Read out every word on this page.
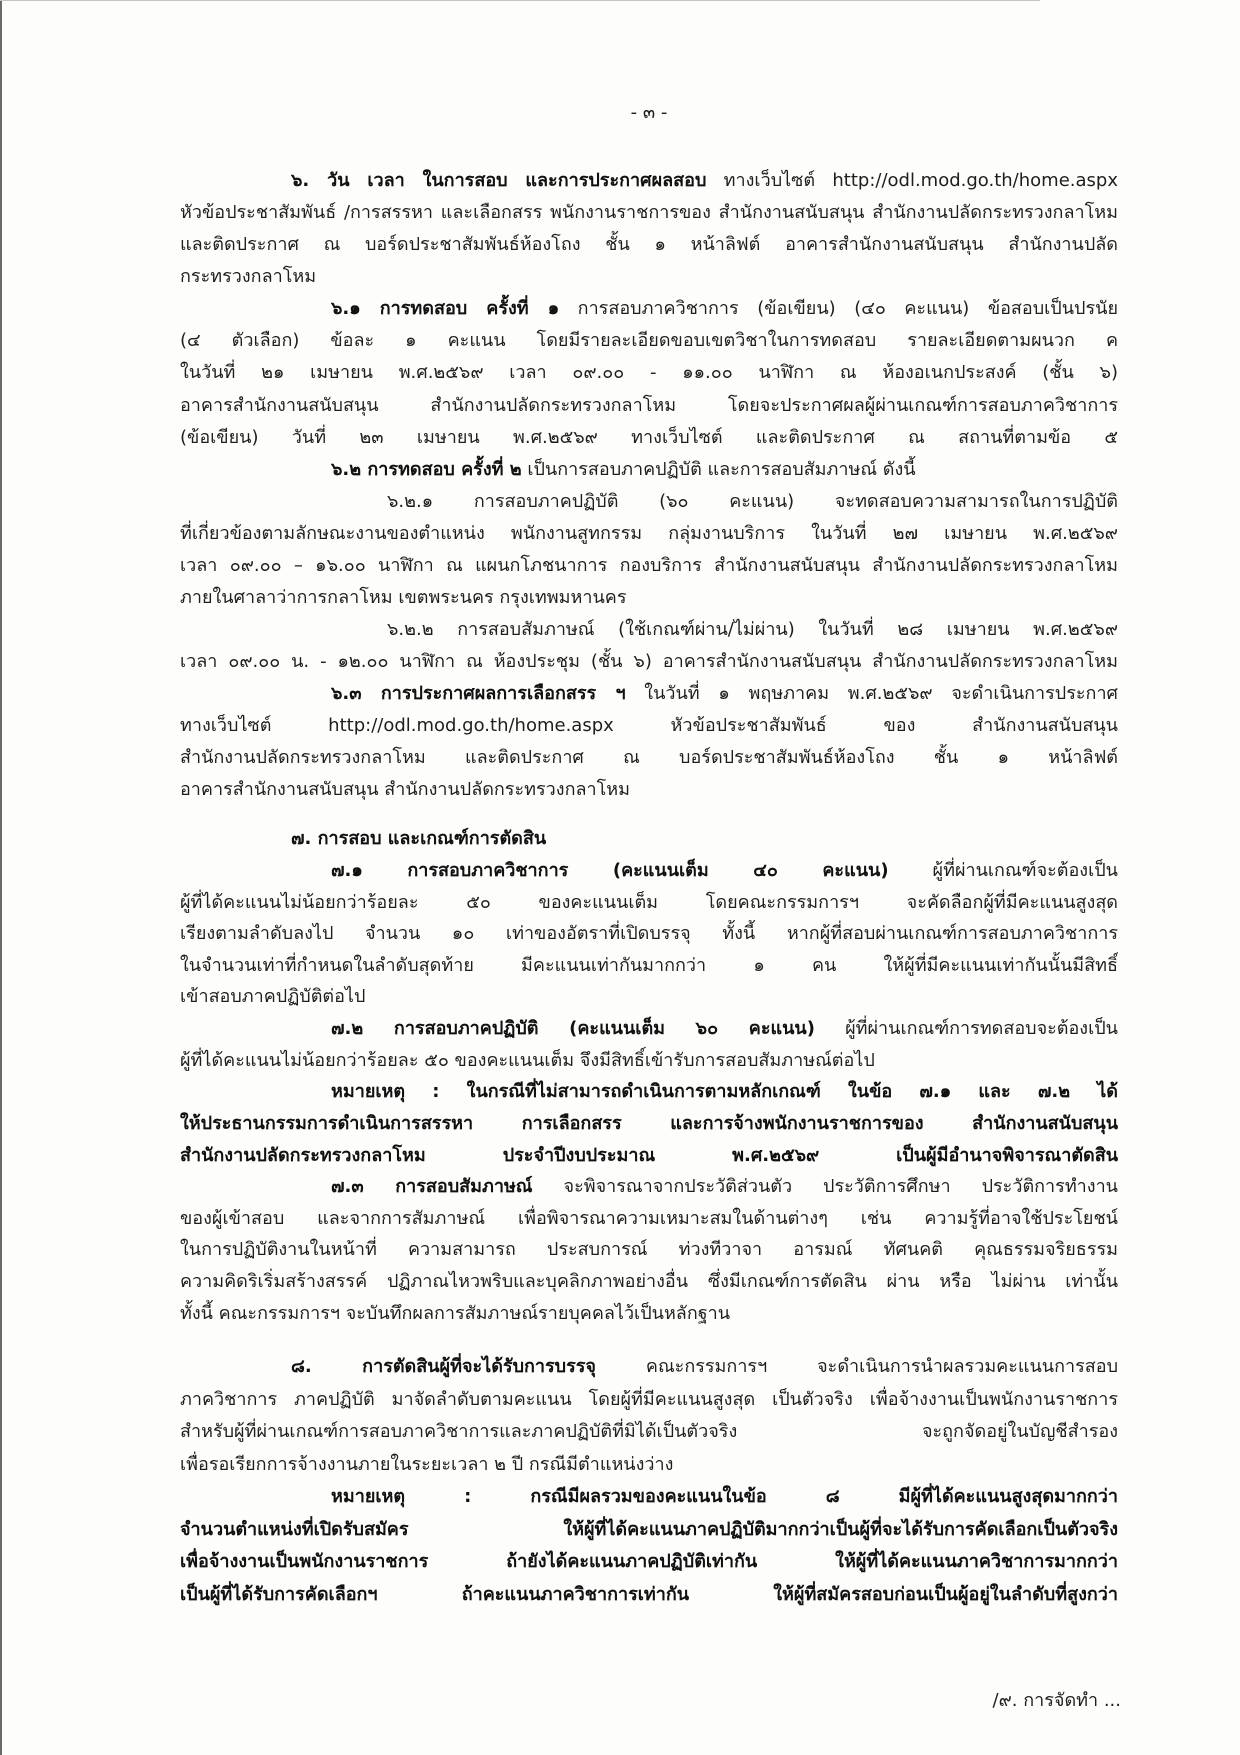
- ๓ -
๖. วัน เวลา ในการสอบ และการประกาศผลสอบ ทางเว็บไซต์ http://odl.mod.go.th/home.aspx
หัวข้อประชาสัมพันธ์ /การสรรหา และเลือกสรร พนักงานราชการของ สำนักงานสนับสนุน สำนักงานปลัดกระทรวงกลาโหม
และติดประกาศ ณ บอร์ดประชาสัมพันธ์ห้องโถง ชั้น ๑ หน้าลิฟต์ อาคารสำนักงานสนับสนุน สำนักงานปลัด
กระทรวงกลาโหม
๖.๑ การทดสอบ ครั้งที่ ๑ การสอบภาควิชาการ (ข้อเขียน) (๔๐ คะแนน) ข้อสอบเป็นปรนัย
(๔ ตัวเลือก) ข้อละ ๑ คะแนน โดยมีรายละเอียดขอบเขตวิชาในการทดสอบ รายละเอียดตามผนวก ค
ในวันที่ ๒๑ เมษายน พ.ศ.๒๕๖๙ เวลา ๐๙.๐๐ - ๑๑.๐๐ นาฬิกา ณ ห้องอเนกประสงค์ (ชั้น ๖)
อาคารสำนักงานสนับสนุน สำนักงานปลัดกระทรวงกลาโหม โดยจะประกาศผลผู้ผ่านเกณฑ์การสอบภาควิชาการ
(ข้อเขียน) วันที่ ๒๓ เมษายน พ.ศ.๒๕๖๙ ทางเว็บไซต์ และติดประกาศ ณ สถานที่ตามข้อ ๕
๖.๒ การทดสอบ ครั้งที่ ๒ เป็นการสอบภาคปฏิบัติ และการสอบสัมภาษณ์ ดังนี้
๖.๒.๑ การสอบภาคปฏิบัติ (๖๐ คะแนน) จะทดสอบความสามารถในการปฏิบัติ
ที่เกี่ยวข้องตามลักษณะงานของตำแหน่ง พนักงานสูทกรรม กลุ่มงานบริการ ในวันที่ ๒๗ เมษายน พ.ศ.๒๕๖๙
เวลา ๐๙.๐๐ – ๑๖.๐๐ นาฬิกา ณ แผนกโภชนาการ กองบริการ สำนักงานสนับสนุน สำนักงานปลัดกระทรวงกลาโหม
ภายในศาลาว่าการกลาโหม เขตพระนคร กรุงเทพมหานคร
๖.๒.๒ การสอบสัมภาษณ์ (ใช้เกณฑ์ผ่าน/ไม่ผ่าน) ในวันที่ ๒๘ เมษายน พ.ศ.๒๕๖๙
เวลา ๐๙.๐๐ น. - ๑๒.๐๐ นาฬิกา ณ ห้องประชุม (ชั้น ๖) อาคารสำนักงานสนับสนุน สำนักงานปลัดกระทรวงกลาโหม
๖.๓ การประกาศผลการเลือกสรร ฯ ในวันที่ ๑ พฤษภาคม พ.ศ.๒๕๖๙ จะดำเนินการประกาศ
ทางเว็บไซต์ http://odl.mod.go.th/home.aspx หัวข้อประชาสัมพันธ์ ของ สำนักงานสนับสนุน
สำนักงานปลัดกระทรวงกลาโหม และติดประกาศ ณ บอร์ดประชาสัมพันธ์ห้องโถง ชั้น ๑ หน้าลิฟต์
อาคารสำนักงานสนับสนุน สำนักงานปลัดกระทรวงกลาโหม
๗. การสอบ และเกณฑ์การตัดสิน
๗.๑ การสอบภาควิชาการ (คะแนนเต็ม ๔๐ คะแนน) ผู้ที่ผ่านเกณฑ์จะต้องเป็น
ผู้ที่ได้คะแนนไม่น้อยกว่าร้อยละ ๕๐ ของคะแนนเต็ม โดยคณะกรรมการฯ จะคัดลือกผู้ที่มีคะแนนสูงสุด
เรียงตามลำดับลงไป จำนวน ๑๐ เท่าของอัตราที่เปิดบรรจุ ทั้งนี้ หากผู้ที่สอบผ่านเกณฑ์การสอบภาควิชาการ
ในจำนวนเท่าที่กำหนดในลำดับสุดท้าย มีคะแนนเท่ากันมากกว่า ๑ คน ให้ผู้ที่มีคะแนนเท่ากันนั้นมีสิทธิ์
เข้าสอบภาคปฏิบัติต่อไป
๗.๒ การสอบภาคปฏิบัติ (คะแนนเต็ม ๖๐ คะแนน) ผู้ที่ผ่านเกณฑ์การทดสอบจะต้องเป็น
ผู้ที่ได้คะแนนไม่น้อยกว่าร้อยละ ๕๐ ของคะแนนเต็ม จึงมีสิทธิ์เข้ารับการสอบสัมภาษณ์ต่อไป
หมายเหตุ : ในกรณีที่ไม่สามารถดำเนินการตามหลักเกณฑ์ ในข้อ ๗.๑ และ ๗.๒ ได้
ให้ประธานกรรมการดำเนินการสรรหา การเลือกสรร และการจ้างพนักงานราชการของ สำนักงานสนับสนุน
สำนักงานปลัดกระทรวงกลาโหม ประจำปีงบประมาณ พ.ศ.๒๕๖๙ เป็นผู้มีอำนาจพิจารณาตัดสิน
๗.๓ การสอบสัมภาษณ์ จะพิจารณาจากประวัติส่วนตัว ประวัติการศึกษา ประวัติการทำงาน
ของผู้เข้าสอบ และจากการสัมภาษณ์ เพื่อพิจารณาความเหมาะสมในด้านต่างๆ เช่น ความรู้ที่อาจใช้ประโยชน์
ในการปฏิบัติงานในหน้าที่ ความสามารถ ประสบการณ์ ท่วงทีวาจา อารมณ์ ทัศนคติ คุณธรรมจริยธรรม
ความคิดริเริ่มสร้างสรรค์ ปฏิภาณไหวพริบและบุคลิกภาพอย่างอื่น ซึ่งมีเกณฑ์การตัดสิน ผ่าน หรือ ไม่ผ่าน เท่านั้น
ทั้งนี้ คณะกรรมการฯ จะบันทึกผลการสัมภาษณ์รายบุคคลไว้เป็นหลักฐาน
๘. การตัดสินผู้ที่จะได้รับการบรรจุ	คณะกรรมการฯ จะดำเนินการนำผลรวมคะแนนการสอบ
ภาควิชาการ ภาคปฏิบัติ มาจัดลำดับตามคะแนน โดยผู้ที่มีคะแนนสูงสุด เป็นตัวจริง เพื่อจ้างงานเป็นพนักงานราชการ
สำหรับผู้ที่ผ่านเกณฑ์การสอบภาควิชาการและภาคปฏิบัติที่มิได้เป็นตัวจริง จะถูกจัดอยู่ในบัญชีสำรอง
เพื่อรอเรียกการจ้างงานภายในระยะเวลา ๒ ปี กรณีมีตำแหน่งว่าง
หมายเหตุ : กรณีมีผลรวมของคะแนนในข้อ ๘ มีผู้ที่ได้คะแนนสูงสุดมากกว่า
จำนวนตำแหน่งที่เปิดรับสมัคร ให้ผู้ที่ได้คะแนนภาคปฏิบัติมากกว่าเป็นผู้ที่จะได้รับการคัดเลือกเป็นตัวจริง
เพื่อจ้างงานเป็นพนักงานราชการ ถ้ายังได้คะแนนภาคปฏิบัติเท่ากัน ให้ผู้ที่ได้คะแนนภาควิชาการมากกว่า
เป็นผู้ที่ได้รับการคัดเลือกฯ ถ้าคะแนนภาควิชาการเท่ากัน ให้ผู้ที่สมัครสอบก่อนเป็นผู้อยู่ในลำดับที่สูงกว่า
/๙. การจัดทำ ...
